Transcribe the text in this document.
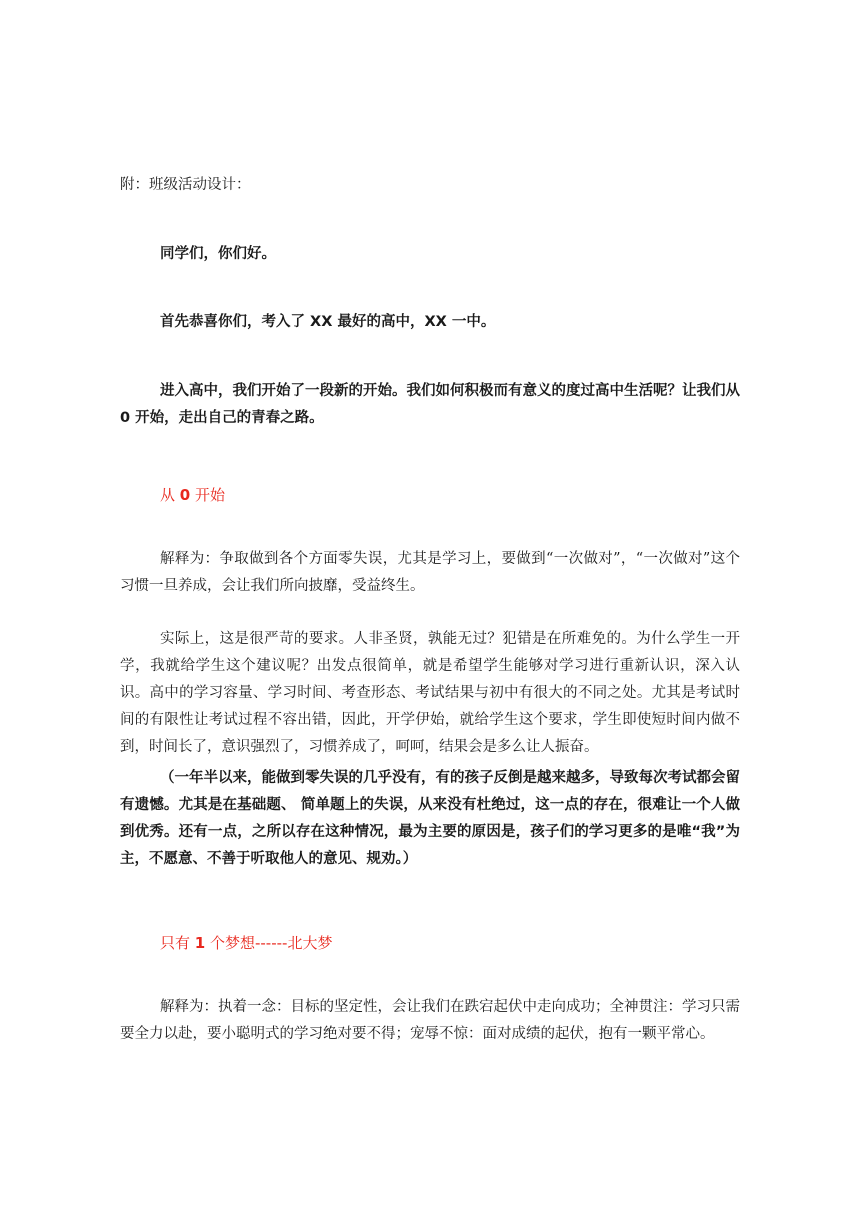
附：班级活动设计：

同学们，你们好。

首先恭喜你们，考入了 XX 最好的高中，XX 一中。

进入高中，我们开始了一段新的开始。我们如何积极而有意义的度过高中生活呢？让我们从 0 开始，走出自己的青春之路。

从 0 开始

解释为：争取做到各个方面零失误，尤其是学习上，要做到“一次做对”，“一次做对”这个习惯一旦养成，会让我们所向披靡，受益终生。

实际上，这是很严苛的要求。人非圣贤，孰能无过？犯错是在所难免的。为什么学生一开学，我就给学生这个建议呢？出发点很简单，就是希望学生能够对学习进行重新认识，深入认识。高中的学习容量、学习时间、考查形态、考试结果与初中有很大的不同之处。尤其是考试时间的有限性让考试过程不容出错，因此，开学伊始，就给学生这个要求，学生即使短时间内做不到，时间长了，意识强烈了，习惯养成了，呵呵，结果会是多么让人振奋。

（一年半以来，能做到零失误的几乎没有，有的孩子反倒是越来越多，导致每次考试都会留有遗憾。尤其是在基础题、 简单题上的失误，从来没有杜绝过，这一点的存在，很难让一个人做到优秀。还有一点，之所以存在这种情况，最为主要的原因是，孩子们的学习更多的是唯“我”为主，不愿意、不善于听取他人的意见、规劝。）

只有 1 个梦想------北大梦

解释为：执着一念：目标的坚定性，会让我们在跌宕起伏中走向成功；全神贯注：学习只需要全力以赴，要小聪明式的学习绝对要不得；宠辱不惊：面对成绩的起伏，抱有一颗平常心。
